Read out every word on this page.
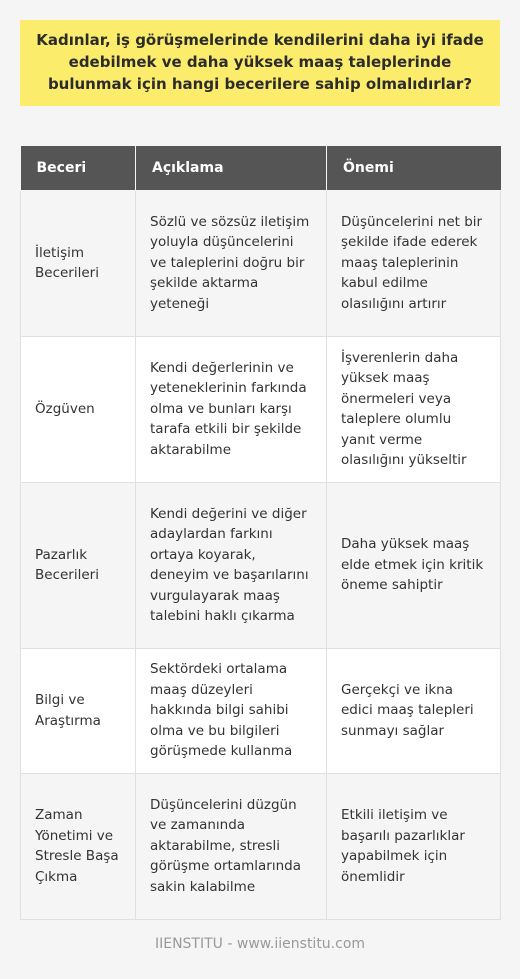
Kadınlar, iş görüşmelerinde kendilerini daha iyi ifade edebilmek ve daha yüksek maaş taleplerinde bulunmak için hangi becerilere sahip olmalıdırlar?
Beceri	Açıklama	Önemi
İletişim Becerileri	Sözlü ve sözsüz iletişim yoluyla düşüncelerini ve taleplerini doğru bir şekilde aktarma yeteneği	Düşüncelerini net bir şekilde ifade ederek maaş taleplerinin kabul edilme olasılığını artırır
Özgüven	Kendi değerlerinin ve yeteneklerinin farkında olma ve bunları karşı tarafa etkili bir şekilde aktarabilme	İşverenlerin daha yüksek maaş önermeleri veya taleplere olumlu yanıt verme olasılığını yükseltir
Pazarlık Becerileri	Kendi değerini ve diğer adaylardan farkını ortaya koyarak, deneyim ve başarılarını vurgulayarak maaş talebini haklı çıkarma	Daha yüksek maaş elde etmek için kritik öneme sahiptir
Bilgi ve Araştırma	Sektördeki ortalama maaş düzeyleri hakkında bilgi sahibi olma ve bu bilgileri görüşmede kullanma	Gerçekçi ve ikna edici maaş talepleri sunmayı sağlar
Zaman Yönetimi ve Stresle Başa Çıkma	Düşüncelerini düzgün ve zamanında aktarabilme, stresli görüşme ortamlarında sakin kalabilme	Etkili iletişim ve başarılı pazarlıklar yapabilmek için önemlidir
IIENSTITU - www.iienstitu.com
